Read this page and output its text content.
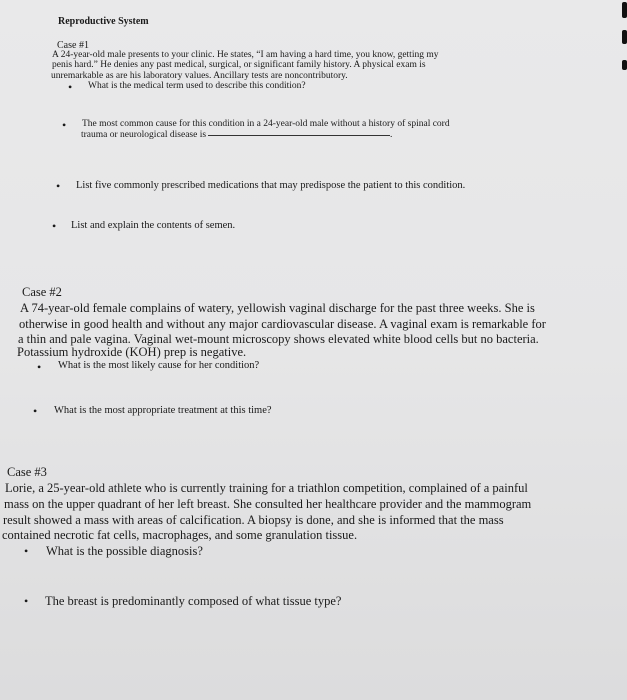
Reproductive System
Case #1
A 24-year-old male presents to your clinic. He states, “I am having a hard time, you know, getting my
penis hard.” He denies any past medical, surgical, or significant family history. A physical exam is
unremarkable as are his laboratory values. Ancillary tests are noncontributory.
• What is the medical term used to describe this condition?
• The most common cause for this condition in a 24-year-old male without a history of spinal cord
trauma or neurological disease is	.
• List five commonly prescribed medications that may predispose the patient to this condition.
• List and explain the contents of semen.
Case #2
A 74-year-old female complains of watery, yellowish vaginal discharge for the past three weeks. She is
otherwise in good health and without any major cardiovascular disease. A vaginal exam is remarkable for
a thin and pale vagina. Vaginal wet-mount microscopy shows elevated white blood cells but no bacteria.
Potassium hydroxide (KOH) prep is negative.
• What is the most likely cause for her condition?
• What is the most appropriate treatment at this time?
Case #3
Lorie, a 25-year-old athlete who is currently training for a triathlon competition, complained of a painful
mass on the upper quadrant of her left breast. She consulted her healthcare provider and the mammogram
result showed a mass with areas of calcification. A biopsy is done, and she is informed that the mass
contained necrotic fat cells, macrophages, and some granulation tissue.
• What is the possible diagnosis?
• The breast is predominantly composed of what tissue type?
